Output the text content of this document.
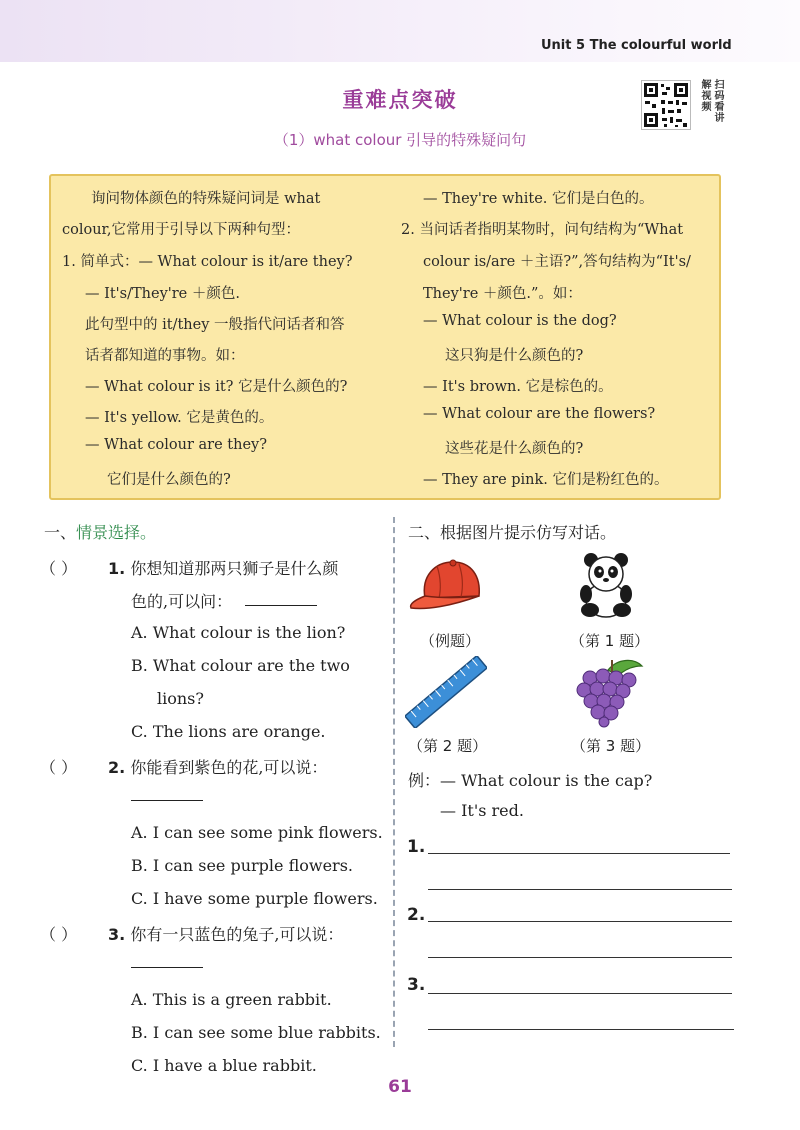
Unit 5 The colourful world
重难点突破
（1）what colour 引导的特殊疑问句
扫码看讲解视频
询问物体颜色的特殊疑问词是 what
colour,它常用于引导以下两种句型：
1. 简单式：— What colour is it/are they?
— It's/They're ＋颜色.
此句型中的 it/they 一般指代问话者和答
话者都知道的事物。如：
— What colour is it? 它是什么颜色的?
— It's yellow. 它是黄色的。
— What colour are they?
它们是什么颜色的?
— They're white. 它们是白色的。
2. 当问话者指明某物时，问句结构为“What
colour is/are ＋主语?”,答句结构为“It's/
They're ＋颜色.”。如：
— What colour is the dog?
这只狗是什么颜色的?
— It's brown. 它是棕色的。
— What colour are the flowers?
这些花是什么颜色的?
— They are pink. 它们是粉红色的。
一、情景选择。
（ ） 1. 你想知道那两只狮子是什么颜
色的,可以问：
A. What colour is the lion?
B. What colour are the two
lions?
C. The lions are orange.
（ ） 2. 你能看到紫色的花,可以说：
A. I can see some pink flowers.
B. I can see purple flowers.
C. I have some purple flowers.
（ ） 3. 你有一只蓝色的兔子,可以说：
A. This is a green rabbit.
B. I can see some blue rabbits.
C. I have a blue rabbit.
二、根据图片提示仿写对话。
（例题）	（第 1 题）
（第 2 题）	（第 3 题）
例：— What colour is the cap?
— It's red.
1.
2.
3.
61
